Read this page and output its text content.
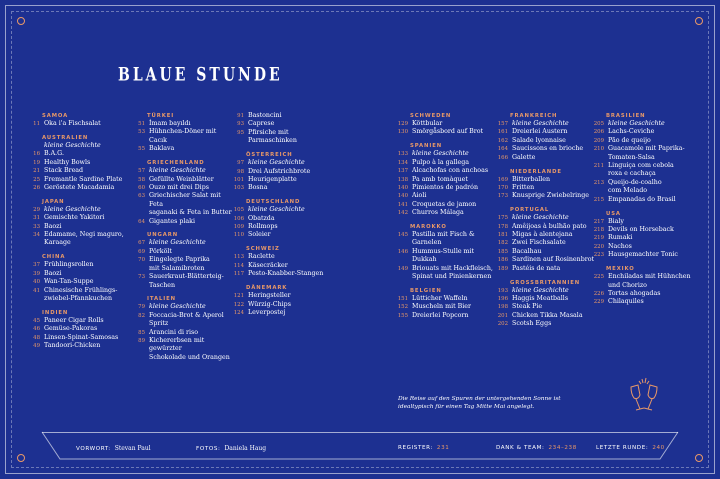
BLAUE STUNDE
SAMOA
11 Oka i'a Fischsalat
AUSTRALIEN
kleine Geschichte
16 B.A.G.
19 Healthy Bowls
21 Stack Bread
25 Fremantle Sardine Plate
26 Geröstete Macadamia
JAPAN
29 kleine Geschichte
31 Gemischte Yakitori
33 Baozi
34 Edamame, Negi maguro,
Karaage
CHINA
37 Frühlingsrollen
39 Baozi
40 Wan-Tan-Suppe
41 Chinesische Frühlings-
zwiebel-Pfannkuchen
INDIEN
45 Paneer Cigar Rolls
46 Gemüse-Pakoras
48 Linsen-Spinat-Samosas
49 Tandoori-Chicken
TÜRKEI
51 İmam bayıldı
53 Hühnchen-Döner mit Cacık
55 Baklava
GRIECHENLAND
57 kleine Geschichte
58 Gefüllte Weinblätter
60 Ouzo mit drei Dips
63 Griechischer Salat mit Feta
saganaki & Feta in Butter
64 Gigantes plaki
UNGARN
67 kleine Geschichte
69 Pörkölt
70 Eingelegte Paprika
mit Salamibroten
73 Sauerkraut-Blätterteig-
Taschen
ITALIEN
79 kleine Geschichte
82 Foccacia-Brot & Aperol
Spritz
85 Arancini di riso
89 Kichererbsen mit gewürzter
Schokolade und Orangen
91 Bastoncini
93 Caprese
95 Pfirsiche mit Parmaschinken
ÖSTERREICH
97 kleine Geschichte
98 Drei Aufstrichbrote
101 Heurigenplatte
103 Bosna
DEUTSCHLAND
105 kleine Geschichte
106 Obatzda
109 Rollmops
110 Soleier
SCHWEIZ
113 Raclette
114 Käsecräcker
117 Pesto-Knabber-Stangen
DÄNEMARK
121 Heringsteller
122 Würzig-Chips
124 Leverpostej
SCHWEDEN
129 Köttbular
130 Smörgåsbord auf Brot
SPANIEN
133 kleine Geschichte
134 Pulpo à la gallega
137 Alcachofas con anchoas
138 Pa amb tomàquet
140 Pimientos de padrón
140 Aioli
141 Croquetas de jamon
142 Churros Málaga
MAROKKO
145 Pastilla mit Fisch &
Garnelen
146 Hummus-Stulle mit
Dukkah
149 Briouats mit Hackfleisch,
Spinat und Pinienkernen
BELGIEN
151 Lütticher Waffeln
152 Muscheln mit Bier
155 Dreierlei Popcorn
FRANKREICH
157 kleine Geschichte
161 Dreierlei Austern
162 Salade lyonnaise
164 Saucissons en brioche
166 Galette
NIEDERLANDE
169 Bitterballen
170 Fritten
173 Knusprige Zwiebelringe
PORTUGAL
175 kleine Geschichte
178 Amêijoas à bulhão pato
181 Migas à alentejana
182 Zwei Fischsalate
185 Bacalhau
186 Sardinen auf Rosinenbrot
189 Pastéis de nata
GROSSBRITANNIEN
193 kleine Geschichte
196 Haggis Meatballs
198 Steak Pie
201 Chicken Tikka Masala
202 Scotsh Eggs
BRASILIEN
205 kleine Geschichte
206 Lachs-Ceviche
209 Pão de queijo
210 Guacamole mit Paprika-
Tomaten-Salsa
211 Linguiça com cebola
roxa e cachaça
213 Queijo-de-coalho
com Melado
215 Empanadas do Brasil
USA
217 Bialy
218 Devils on Horseback
219 Rumaki
220 Nachos
223 Hausgemachter Tonic
MEXIKO
225 Enchiladas mit Hühnchen
und Chorizo
226 Tortas ahogadas
229 Chilaquiles
Die Reise auf den Spuren der untergehenden Sonne ist idealtypisch für einen Tag Mitte Mai angelegt.
VORWORT: Stevan Paul	FOTOS: Daniela Haug	REGISTER: 231	DANK & TEAM: 234–238	LETZTE RUNDE: 240
